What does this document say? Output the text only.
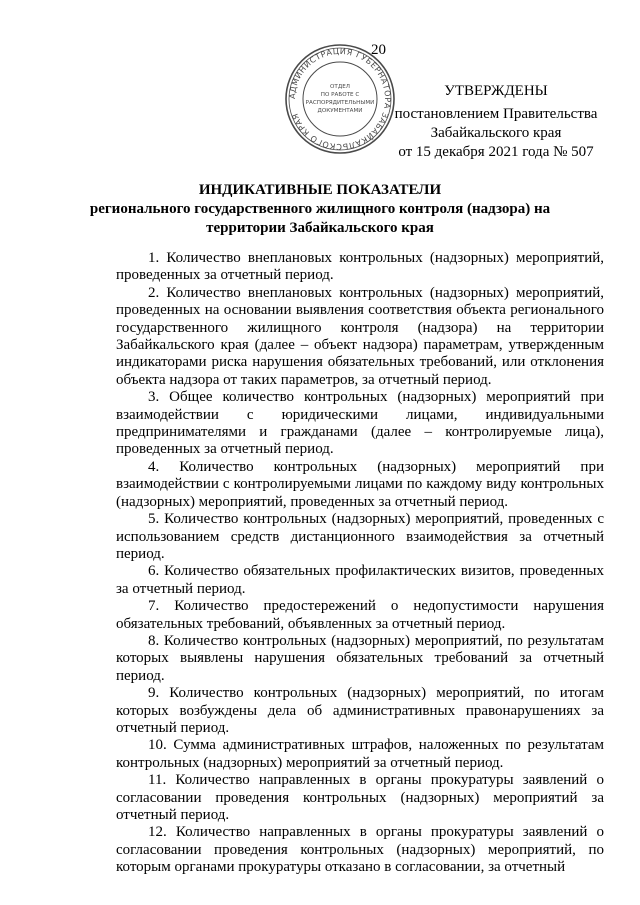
20
АДМИНИСТРАЦИЯ ГУБЕРНАТОРА ЗАБАЙКАЛЬСКОГО КРАЯ
ОТДЕЛ
ПО РАБОТЕ С
РАСПОРЯДИТЕЛЬНЫМИ
ДОКУМЕНТАМИ
УТВЕРЖДЕНЫ
постановлением Правительства
Забайкальского края
от 15 декабря 2021 года № 507
ИНДИКАТИВНЫЕ ПОКАЗАТЕЛИ
регионального государственного жилищного контроля (надзора) на
территории Забайкальского края
1. Количество внеплановых контрольных (надзорных) мероприятий, проведенных за отчетный период.
2. Количество внеплановых контрольных (надзорных) мероприятий, проведенных на основании выявления соответствия объекта регионального государственного жилищного контроля (надзора) на территории Забайкальского края (далее – объект надзора) параметрам, утвержденным индикаторами риска нарушения обязательных требований, или отклонения объекта надзора от таких параметров, за отчетный период.
3. Общее количество контрольных (надзорных) мероприятий при взаимодействии с юридическими лицами, индивидуальными предпринимателями и гражданами (далее – контролируемые лица), проведенных за отчетный период.
4. Количество контрольных (надзорных) мероприятий при взаимодействии с контролируемыми лицами по каждому виду контрольных (надзорных) мероприятий, проведенных за отчетный период.
5. Количество контрольных (надзорных) мероприятий, проведенных с использованием средств дистанционного взаимодействия за отчетный период.
6. Количество обязательных профилактических визитов, проведенных за отчетный период.
7. Количество предостережений о недопустимости нарушения обязательных требований, объявленных за отчетный период.
8. Количество контрольных (надзорных) мероприятий, по результатам которых выявлены нарушения обязательных требований за отчетный период.
9. Количество контрольных (надзорных) мероприятий, по итогам которых возбуждены дела об административных правонарушениях за отчетный период.
10. Сумма административных штрафов, наложенных по результатам контрольных (надзорных) мероприятий за отчетный период.
11. Количество направленных в органы прокуратуры заявлений о согласовании проведения контрольных (надзорных) мероприятий за отчетный период.
12. Количество направленных в органы прокуратуры заявлений о согласовании проведения контрольных (надзорных) мероприятий, по которым органами прокуратуры отказано в согласовании, за отчетный
